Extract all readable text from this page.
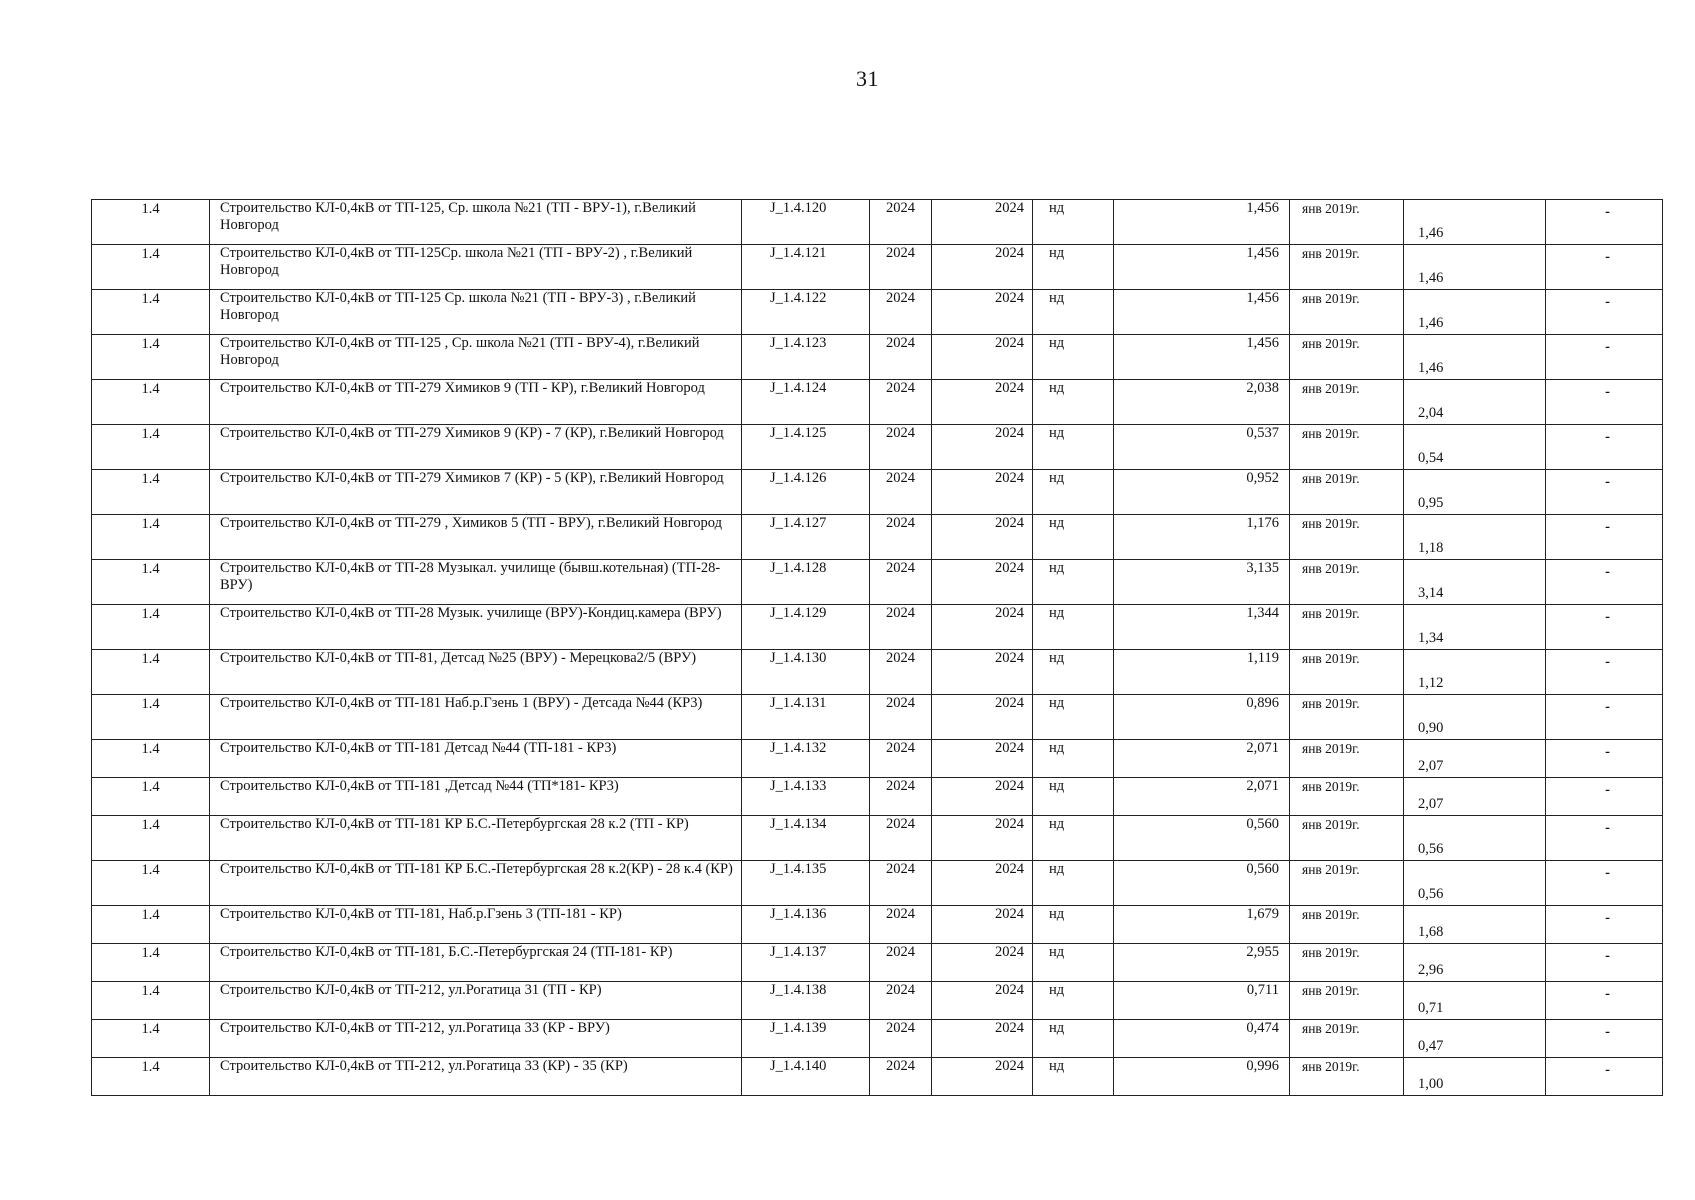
31
1.4	Строительство КЛ-0,4кВ от ТП-125, Ср. школа №21 (ТП - ВРУ-1), г.Великий Новгород	J_1.4.120	2024	2024	нд	1,456	янв 2019г.	1,46	-
1.4	Строительство КЛ-0,4кВ от ТП-125Ср. школа №21 (ТП - ВРУ-2) , г.Великий Новгород	J_1.4.121	2024	2024	нд	1,456	янв 2019г.	1,46	-
1.4	Строительство КЛ-0,4кВ от ТП-125 Ср. школа №21 (ТП - ВРУ-3) , г.Великий Новгород	J_1.4.122	2024	2024	нд	1,456	янв 2019г.	1,46	-
1.4	Строительство КЛ-0,4кВ от ТП-125 , Ср. школа №21 (ТП - ВРУ-4), г.Великий Новгород	J_1.4.123	2024	2024	нд	1,456	янв 2019г.	1,46	-
1.4	Строительство КЛ-0,4кВ от ТП-279 Химиков 9 (ТП - КР), г.Великий Новгород	J_1.4.124	2024	2024	нд	2,038	янв 2019г.	2,04	-
1.4	Строительство КЛ-0,4кВ от ТП-279 Химиков 9 (КР) - 7 (КР), г.Великий Новгород	J_1.4.125	2024	2024	нд	0,537	янв 2019г.	0,54	-
1.4	Строительство КЛ-0,4кВ от ТП-279 Химиков 7 (КР) - 5 (КР), г.Великий Новгород	J_1.4.126	2024	2024	нд	0,952	янв 2019г.	0,95	-
1.4	Строительство КЛ-0,4кВ от ТП-279 , Химиков 5 (ТП - ВРУ), г.Великий Новгород	J_1.4.127	2024	2024	нд	1,176	янв 2019г.	1,18	-
1.4	Строительство КЛ-0,4кВ от ТП-28 Музыкал. училище (бывш.котельная) (ТП-28-ВРУ)	J_1.4.128	2024	2024	нд	3,135	янв 2019г.	3,14	-
1.4	Строительство КЛ-0,4кВ от ТП-28 Музык. училище (ВРУ)-Кондиц.камера (ВРУ)	J_1.4.129	2024	2024	нд	1,344	янв 2019г.	1,34	-
1.4	Строительство КЛ-0,4кВ от ТП-81, Детсад №25 (ВРУ) - Мерецкова2/5 (ВРУ)	J_1.4.130	2024	2024	нд	1,119	янв 2019г.	1,12	-
1.4	Строительство КЛ-0,4кВ от ТП-181 Наб.р.Гзень 1 (ВРУ) - Детсада №44 (КР3)	J_1.4.131	2024	2024	нд	0,896	янв 2019г.	0,90	-
1.4	Строительство КЛ-0,4кВ от ТП-181 Детсад №44 (ТП-181 - КР3)	J_1.4.132	2024	2024	нд	2,071	янв 2019г.	2,07	-
1.4	Строительство КЛ-0,4кВ от ТП-181 ,Детсад №44 (ТП*181- КР3)	J_1.4.133	2024	2024	нд	2,071	янв 2019г.	2,07	-
1.4	Строительство КЛ-0,4кВ от ТП-181 КР Б.С.-Петербургская 28 к.2 (ТП - КР)	J_1.4.134	2024	2024	нд	0,560	янв 2019г.	0,56	-
1.4	Строительство КЛ-0,4кВ от ТП-181 КР Б.С.-Петербургская 28 к.2(КР) - 28 к.4 (КР)	J_1.4.135	2024	2024	нд	0,560	янв 2019г.	0,56	-
1.4	Строительство КЛ-0,4кВ от ТП-181, Наб.р.Гзень 3 (ТП-181 - КР)	J_1.4.136	2024	2024	нд	1,679	янв 2019г.	1,68	-
1.4	Строительство КЛ-0,4кВ от ТП-181, Б.С.-Петербургская 24 (ТП-181- КР)	J_1.4.137	2024	2024	нд	2,955	янв 2019г.	2,96	-
1.4	Строительство КЛ-0,4кВ от ТП-212, ул.Рогатица 31 (ТП - КР)	J_1.4.138	2024	2024	нд	0,711	янв 2019г.	0,71	-
1.4	Строительство КЛ-0,4кВ от ТП-212, ул.Рогатица 33 (КР - ВРУ)	J_1.4.139	2024	2024	нд	0,474	янв 2019г.	0,47	-
1.4	Строительство КЛ-0,4кВ от ТП-212, ул.Рогатица 33 (КР) - 35 (КР)	J_1.4.140	2024	2024	нд	0,996	янв 2019г.	1,00	-
